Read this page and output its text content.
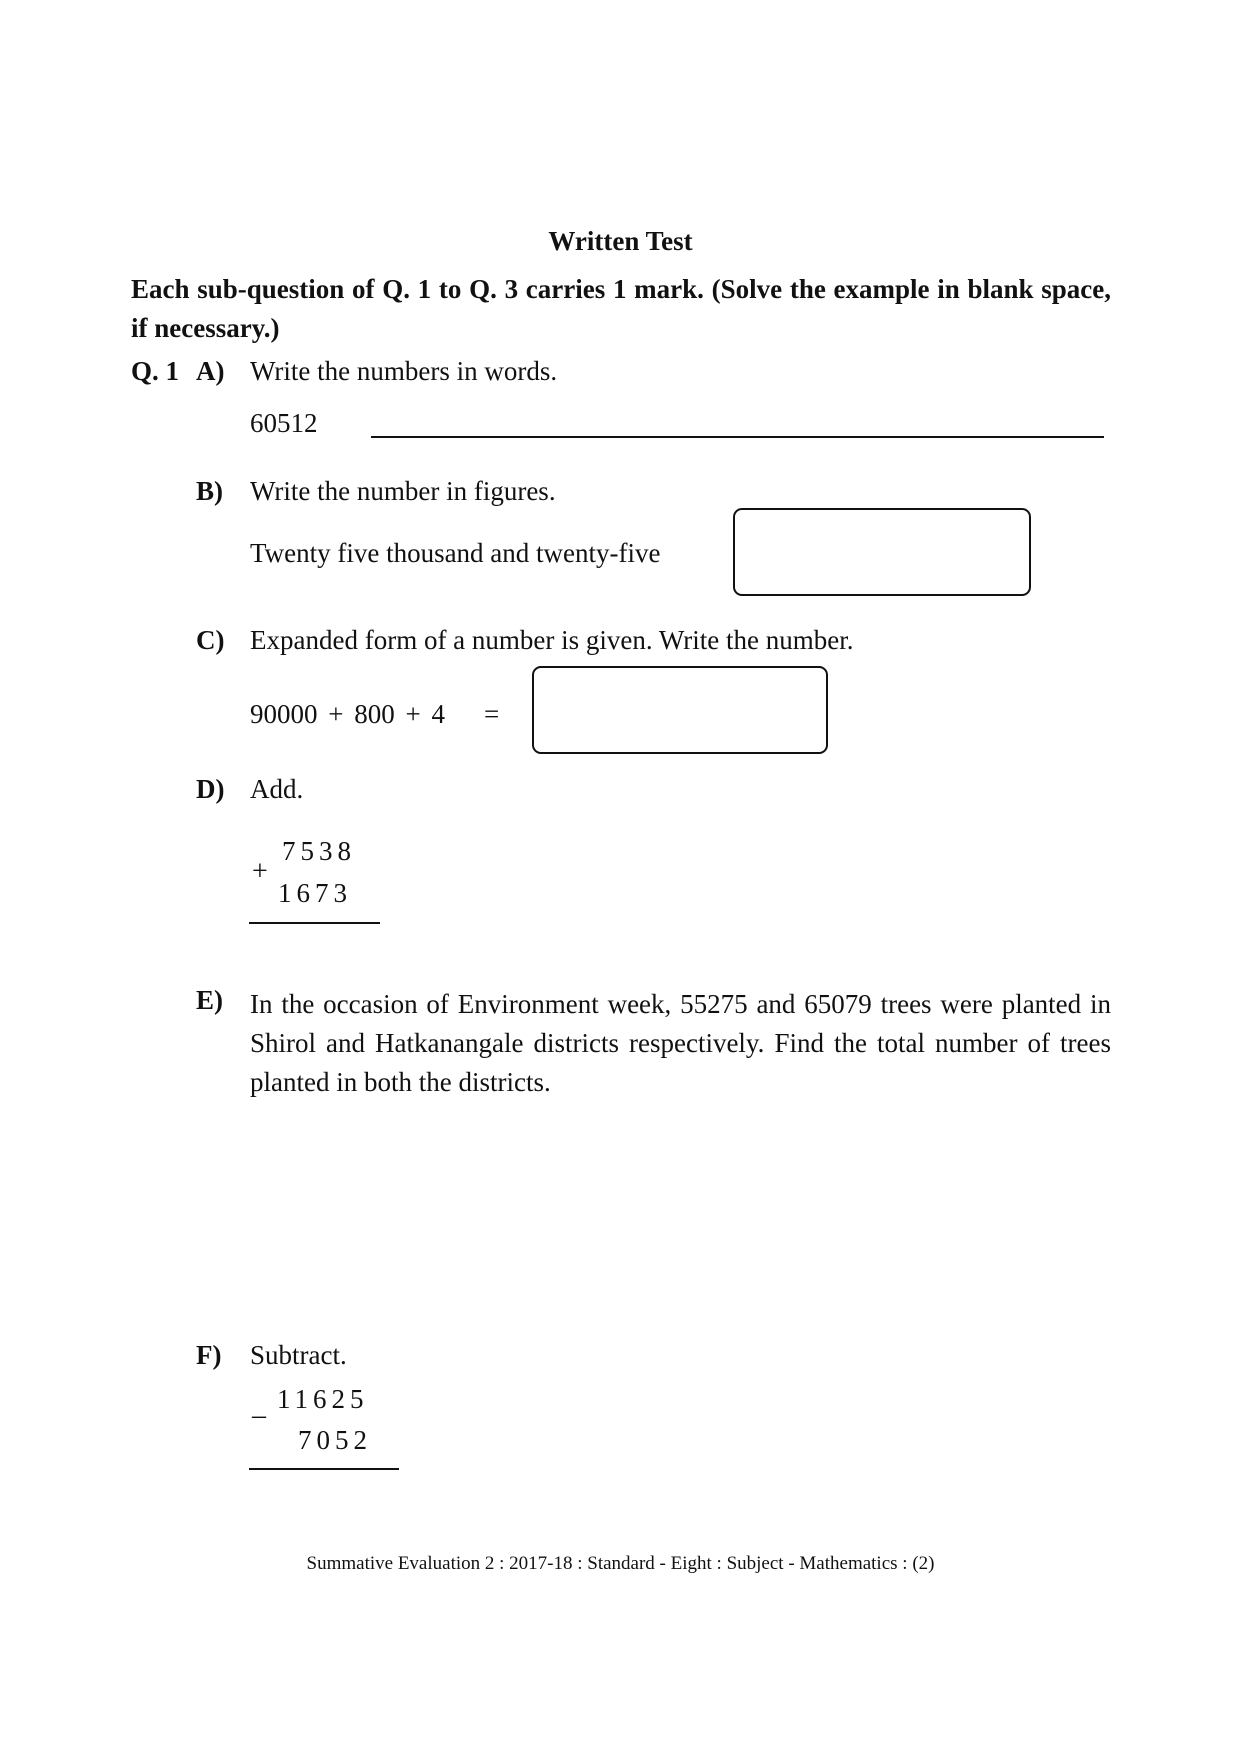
Written Test
Each sub-question of Q. 1 to Q. 3 carries 1 mark. (Solve the example in blank space, if necessary.)
Q. 1 A) Write the numbers in words.
60512
B) Write the number in figures.
Twenty five thousand and twenty-five
C) Expanded form of a number is given. Write the number.
90000 + 800 + 4 =
D) Add.
7538
+
1673
E) In the occasion of Environment week, 55275 and 65079 trees were planted in Shirol and Hatkanangale districts respectively. Find the total number of trees planted in both the districts.
F) Subtract.
11625
–
7052
Summative Evaluation 2 : 2017-18 : Standard - Eight : Subject - Mathematics : (2)
